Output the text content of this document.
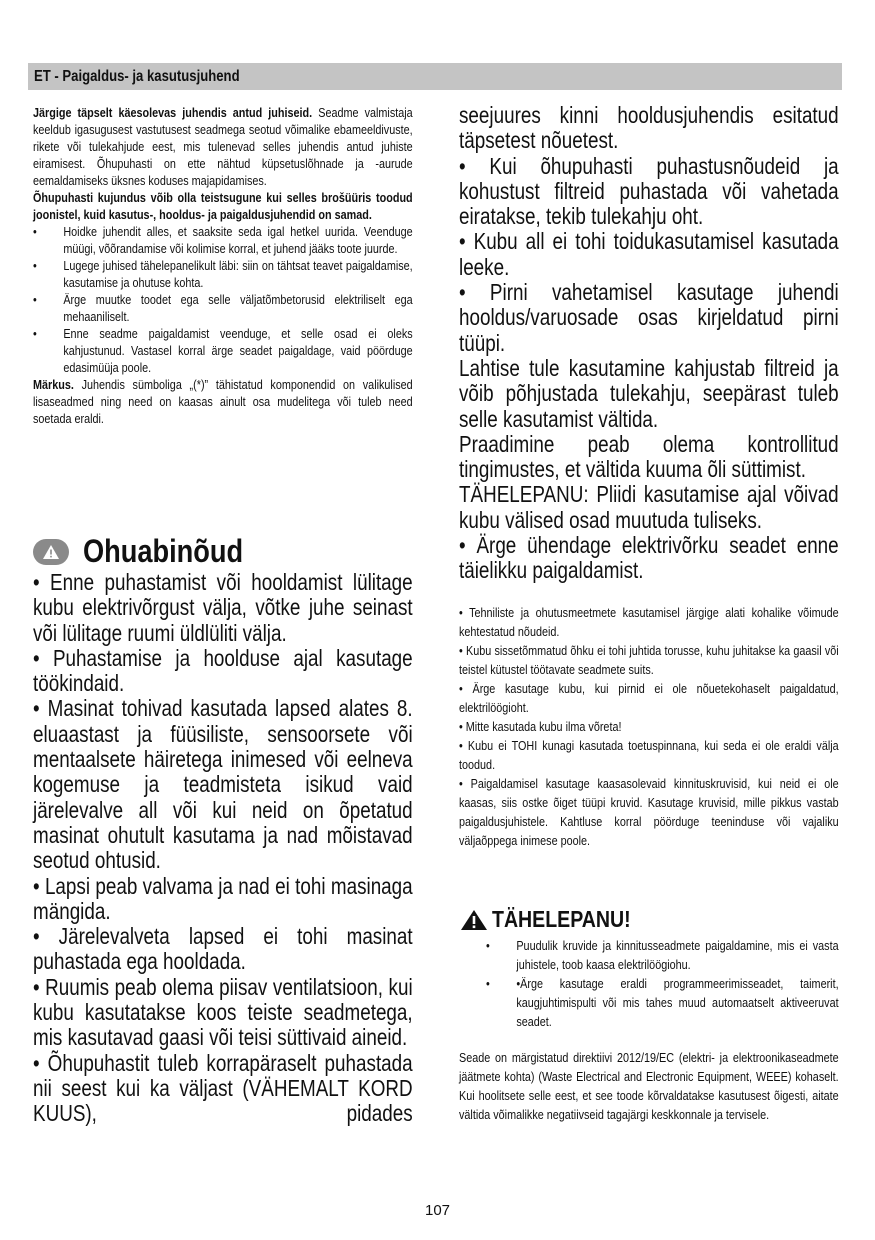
ET - Paigaldus- ja kasutusjuhend

Järgige täpselt käesolevas juhendis antud juhiseid. Seadme valmistaja keeldub igasugusest vastutusest seadmega seotud võimalike ebameeldivuste, rikete või tulekahjude eest, mis tulenevad selles juhendis antud juhiste eiramisest. Õhupuhasti on ette nähtud küpsetuslõhnade ja -aurude eemaldamiseks üksnes koduses majapidamises.

Õhupuhasti kujundus võib olla teistsugune kui selles brošüüris toodud joonistel, kuid kasutus-, hooldus- ja paigaldusjuhendid on samad.

•	Hoidke juhendit alles, et saaksite seda igal hetkel uurida. Veenduge müügi, võõrandamise või kolimise korral, et juhend jääks toote juurde.
•	Lugege juhised tähelepanelikult läbi: siin on tähtsat teavet paigaldamise, kasutamise ja ohutuse kohta.
•	Ärge muutke toodet ega selle väljatõmbetorusid elektriliselt ega mehaaniliselt.
•	Enne seadme paigaldamist veenduge, et selle osad ei oleks kahjustunud. Vastasel korral ärge seadet paigaldage, vaid pöörduge edasimüüja poole.

Märkus. Juhendis sümboliga „(*)” tähistatud komponendid on valikulised lisaseadmed ning need on kaasas ainult osa mudelitega või tuleb need soetada eraldi.

Ohuabinõud

• Enne puhastamist või hooldamist lülitage kubu elektrivõrgust välja, võtke juhe seinast või lülitage ruumi üldlüliti välja.

• Puhastamise ja hoolduse ajal kasutage töökindaid.

• Masinat tohivad kasutada lapsed alates 8. eluaastast ja füüsiliste, sensoorsete või mentaalsete häiretega inimesed või eelneva kogemuse ja teadmisteta isikud vaid järelevalve all või kui neid on õpetatud masinat ohutult kasutama ja nad mõistavad seotud ohtusid.

• Lapsi peab valvama ja nad ei tohi masinaga mängida.

• Järelevalveta lapsed ei tohi masinat puhastada ega hooldada.

• Ruumis peab olema piisav ventilatsioon, kui kubu kasutatakse koos teiste seadmetega, mis kasutavad gaasi või teisi süttivaid aineid.

• Õhupuhastit tuleb korrapäraselt puhastada nii seest kui ka väljast (VÄHEMALT KORD KUUS), pidades

seejuures kinni hooldusjuhendis esitatud täpsetest nõuetest.

• Kui õhupuhasti puhastusnõudeid ja kohustust filtreid puhastada või vahetada eiratakse, tekib tulekahju oht.

• Kubu all ei tohi toidukasutamisel kasutada leeke.

• Pirni vahetamisel kasutage juhendi hooldus/varuosade osas kirjeldatud pirni tüüpi.

Lahtise tule kasutamine kahjustab filtreid ja võib põhjustada tulekahju, seepärast tuleb selle kasutamist vältida.

Praadimine peab olema kontrollitud tingimustes, et vältida kuuma õli süttimist.

TÄHELEPANU: Pliidi kasutamise ajal võivad kubu välised osad muutuda tuliseks.

• Ärge ühendage elektrivõrku seadet enne täielikku paigaldamist.

• Tehniliste ja ohutusmeetmete kasutamisel järgige alati kohalike võimude kehtestatud nõudeid.

• Kubu sissetõmmatud õhku ei tohi juhtida torusse, kuhu juhitakse ka gaasil või teistel kütustel töötavate seadmete suits.

• Ärge kasutage kubu, kui pirnid ei ole nõuetekohaselt paigaldatud, elektrilöögioht.

• Mitte kasutada kubu ilma võreta!

• Kubu ei TOHI kunagi kasutada toetuspinnana, kui seda ei ole eraldi välja toodud.

• Paigaldamisel kasutage kaasasolevaid kinnituskruvisid, kui neid ei ole kaasas, siis ostke õiget tüüpi kruvid. Kasutage kruvisid, mille pikkus vastab paigaldusjuhistele. Kahtluse korral pöörduge teeninduse või vajaliku väljaõppega inimese poole.

TÄHELEPANU!
•	Puudulik kruvide ja kinnitusseadmete paigaldamine, mis ei vasta juhistele, toob kaasa elektrilöögiohu.
•	•Ärge kasutage eraldi programmeerimisseadet, taimerit, kaugjuhtimispulti või mis tahes muud automaatselt aktiveeruvat seadet.

Seade on märgistatud direktiivi 2012/19/EC (elektri- ja elektroonikaseadmete jäätmete kohta) (Waste Electrical and Electronic Equipment, WEEE) kohaselt. Kui hoolitsete selle eest, et see toode kõrvaldatakse kasutusest õigesti, aitate vältida võimalikke negatiivseid tagajärgi keskkonnale ja tervisele.

107
